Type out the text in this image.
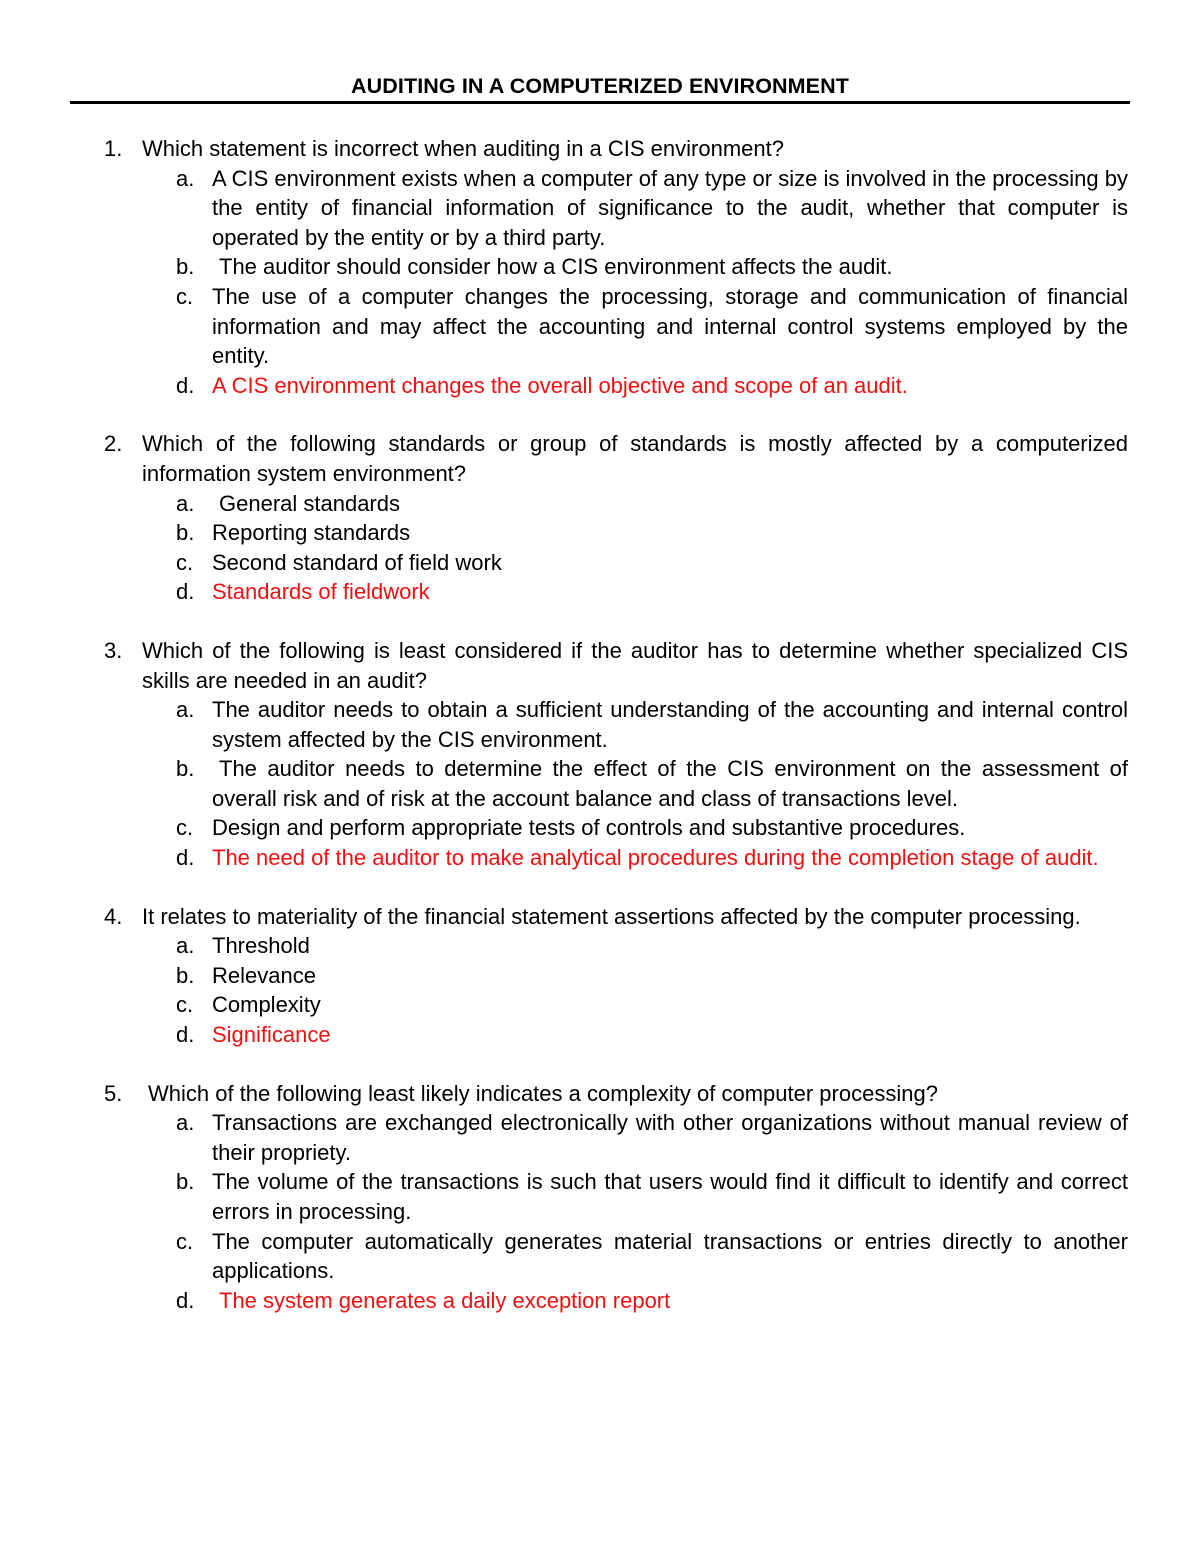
AUDITING IN A COMPUTERIZED ENVIRONMENT
1. Which statement is incorrect when auditing in a CIS environment?
a. A CIS environment exists when a computer of any type or size is involved in the processing by the entity of financial information of significance to the audit, whether that computer is operated by the entity or by a third party.
b.	The auditor should consider how a CIS environment affects the audit.
c. The use of a computer changes the processing, storage and communication of financial information and may affect the accounting and internal control systems employed by the entity.
d. A CIS environment changes the overall objective and scope of an audit.
2. Which of the following standards or group of standards is mostly affected by a computerized information system environment?
a.	General standards
b. Reporting standards
c. Second standard of field work
d. Standards of fieldwork
3. Which of the following is least considered if the auditor has to determine whether specialized CIS skills are needed in an audit?
a. The auditor needs to obtain a sufficient understanding of the accounting and internal control system affected by the CIS environment.
b.	The auditor needs to determine the effect of the CIS environment on the assessment of overall risk and of risk at the account balance and class of transactions level.
c. Design and perform appropriate tests of controls and substantive procedures.
d. The need of the auditor to make analytical procedures during the completion stage of audit.
4. It relates to materiality of the financial statement assertions affected by the computer processing.
a. Threshold
b. Relevance
c. Complexity
d. Significance
5. Which of the following least likely indicates a complexity of computer processing?
a. Transactions are exchanged electronically with other organizations without manual review of their propriety.
b. The volume of the transactions is such that users would find it difficult to identify and correct errors in processing.
c. The computer automatically generates material transactions or entries directly to another applications.
d.	The system generates a daily exception report
